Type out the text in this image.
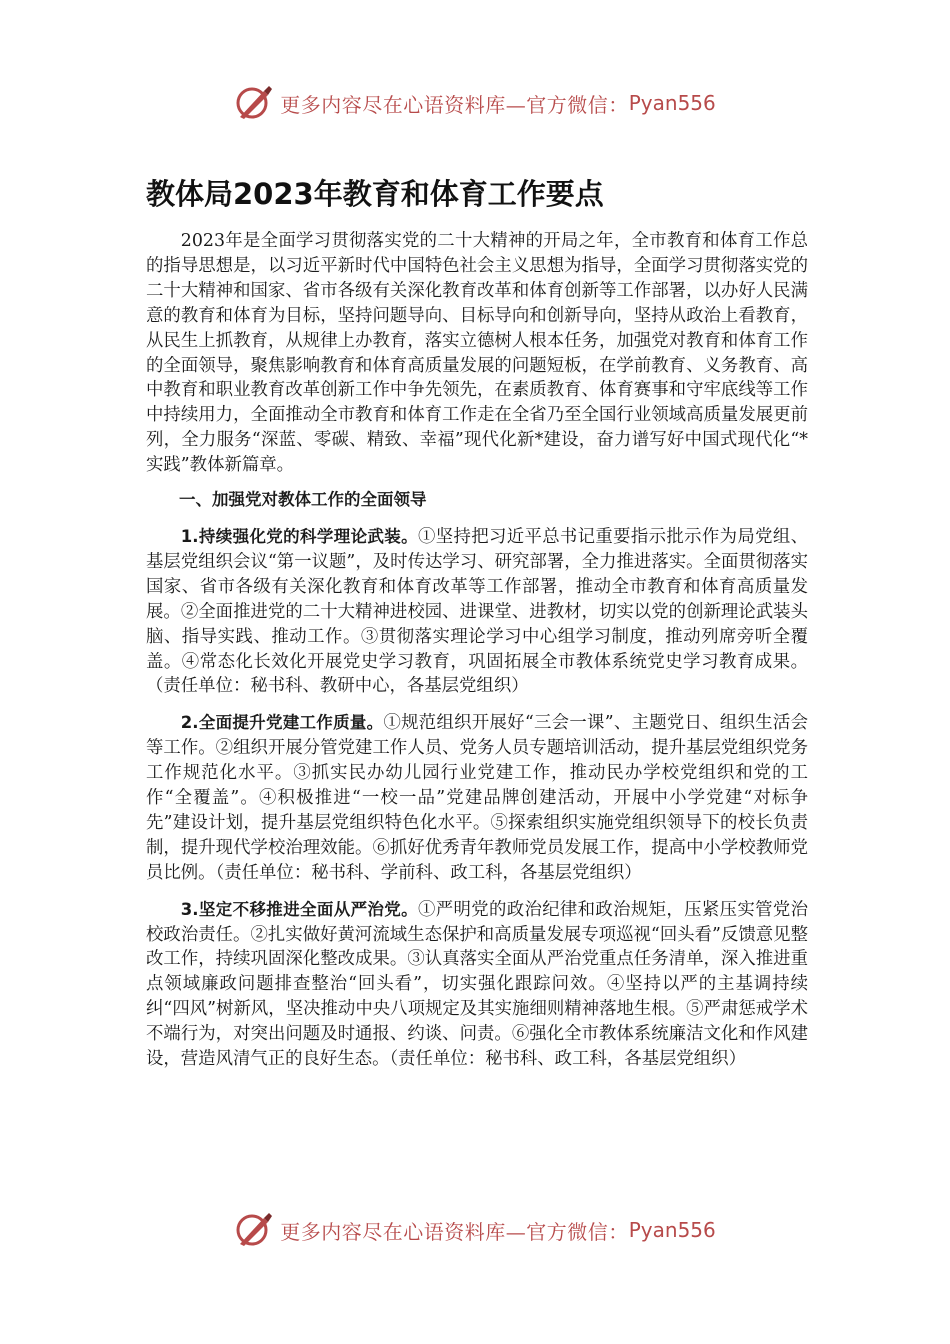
更多内容尽在心语资料库—官方微信： Pyan556
教体局2023年教育和体育工作要点

2023年是全面学习贯彻落实党的二十大精神的开局之年，全市教育和体育工作总的指导思想是，以习近平新时代中国特色社会主义思想为指导，全面学习贯彻落实党的二十大精神和国家、省市各级有关深化教育改革和体育创新等工作部署，以办好人民满意的教育和体育为目标，坚持问题导向、目标导向和创新导向，坚持从政治上看教育，从民生上抓教育，从规律上办教育，落实立德树人根本任务，加强党对教育和体育工作的全面领导，聚焦影响教育和体育高质量发展的问题短板，在学前教育、义务教育、高中教育和职业教育改革创新工作中争先领先，在素质教育、体育赛事和守牢底线等工作中持续用力，全面推动全市教育和体育工作走在全省乃至全国行业领域高质量发展更前列，全力服务“深蓝、零碳、精致、幸福”现代化新*建设，奋力谱写好中国式现代化“*实践”教体新篇章。

一、加强党对教体工作的全面领导

1.持续强化党的科学理论武装。①坚持把习近平总书记重要指示批示作为局党组、基层党组织会议“第一议题”，及时传达学习、研究部署，全力推进落实。全面贯彻落实国家、省市各级有关深化教育和体育改革等工作部署，推动全市教育和体育高质量发展。②全面推进党的二十大精神进校园、进课堂、进教材，切实以党的创新理论武装头脑、指导实践、推动工作。③贯彻落实理论学习中心组学习制度，推动列席旁听全覆盖。④常态化长效化开展党史学习教育，巩固拓展全市教体系统党史学习教育成果。（责任单位：秘书科、教研中心，各基层党组织）

2.全面提升党建工作质量。①规范组织开展好“三会一课”、主题党日、组织生活会等工作。②组织开展分管党建工作人员、党务人员专题培训活动，提升基层党组织党务工作规范化水平。③抓实民办幼儿园行业党建工作，推动民办学校党组织和党的工作“全覆盖”。④积极推进“一校一品”党建品牌创建活动，开展中小学党建“对标争先”建设计划，提升基层党组织特色化水平。⑤探索组织实施党组织领导下的校长负责制，提升现代学校治理效能。⑥抓好优秀青年教师党员发展工作，提高中小学校教师党员比例。（责任单位：秘书科、学前科、政工科，各基层党组织）

3.坚定不移推进全面从严治党。①严明党的政治纪律和政治规矩，压紧压实管党治校政治责任。②扎实做好黄河流域生态保护和高质量发展专项巡视“回头看”反馈意见整改工作，持续巩固深化整改成果。③认真落实全面从严治党重点任务清单，深入推进重点领域廉政问题排查整治“回头看”，切实强化跟踪问效。④坚持以严的主基调持续纠“四风”树新风，坚决推动中央八项规定及其实施细则精神落地生根。⑤严肃惩戒学术不端行为，对突出问题及时通报、约谈、问责。⑥强化全市教体系统廉洁文化和作风建设，营造风清气正的良好生态。（责任单位：秘书科、政工科，各基层党组织）

更多内容尽在心语资料库—官方微信： Pyan556
